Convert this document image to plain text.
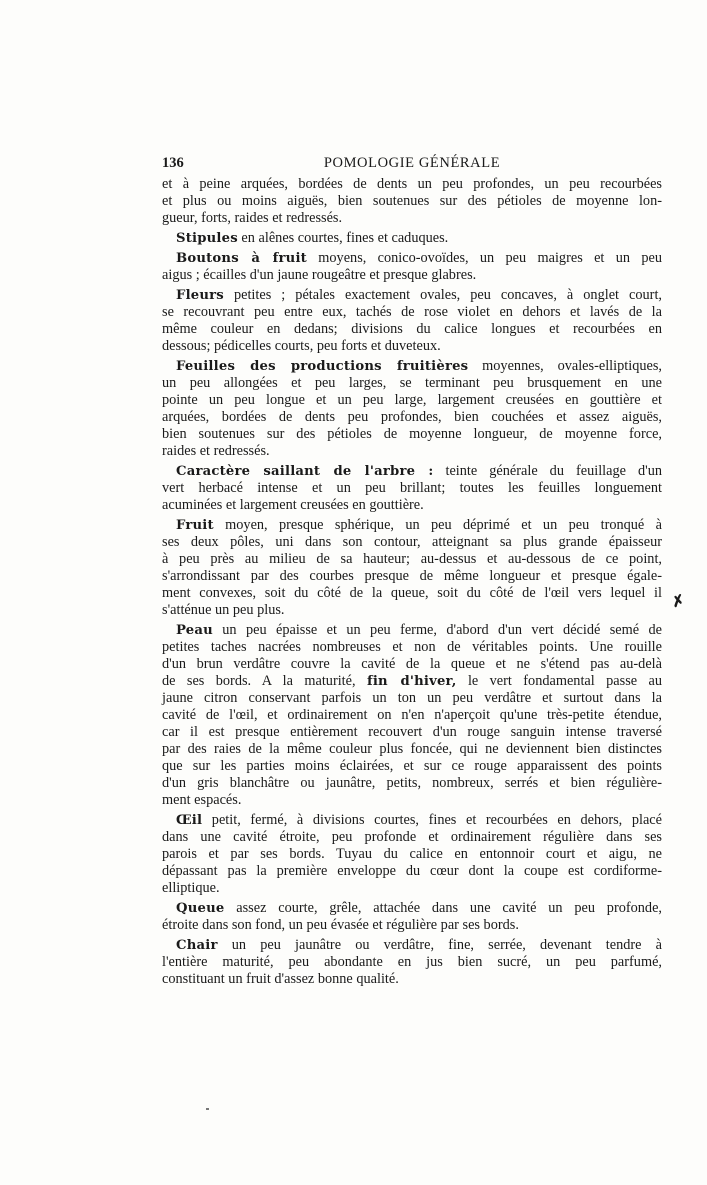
136	POMOLOGIE GÉNÉRALE
et à peine arquées, bordées de dents un peu profondes, un peu recourbées
et plus ou moins aiguës, bien soutenues sur des pétioles de moyenne lon-
gueur, forts, raides et redressés.
Stipules en alênes courtes, fines et caduques.
Boutons à fruit moyens, conico-ovoïdes, un peu maigres et un peu
aigus ; écailles d'un jaune rougeâtre et presque glabres.
Fleurs petites ; pétales exactement ovales, peu concaves, à onglet court,
se recouvrant peu entre eux, tachés de rose violet en dehors et lavés de la
même couleur en dedans; divisions du calice longues et recourbées en
dessous; pédicelles courts, peu forts et duveteux.
Feuilles des productions fruitières moyennes, ovales-elliptiques,
un peu allongées et peu larges, se terminant peu brusquement en une
pointe un peu longue et un peu large, largement creusées en gouttière et
arquées, bordées de dents peu profondes, bien couchées et assez aiguës,
bien soutenues sur des pétioles de moyenne longueur, de moyenne force,
raides et redressés.
Caractère saillant de l'arbre : teinte générale du feuillage d'un
vert herbacé intense et un peu brillant; toutes les feuilles longuement
acuminées et largement creusées en gouttière.
Fruit moyen, presque sphérique, un peu déprimé et un peu tronqué à
ses deux pôles, uni dans son contour, atteignant sa plus grande épaisseur
à peu près au milieu de sa hauteur; au-dessus et au-dessous de ce point,
s'arrondissant par des courbes presque de même longueur et presque égale-
ment convexes, soit du côté de la queue, soit du côté de l'œil vers lequel il
s'atténue un peu plus.
Peau un peu épaisse et un peu ferme, d'abord d'un vert décidé semé de
petites taches nacrées nombreuses et non de véritables points. Une rouille
d'un brun verdâtre couvre la cavité de la queue et ne s'étend pas au-delà
de ses bords. A la maturité, fin d'hiver, le vert fondamental passe au
jaune citron conservant parfois un ton un peu verdâtre et surtout dans la
cavité de l'œil, et ordinairement on n'en n'aperçoit qu'une très-petite étendue,
car il est presque entièrement recouvert d'un rouge sanguin intense traversé
par des raies de la même couleur plus foncée, qui ne deviennent bien distinctes
que sur les parties moins éclairées, et sur ce rouge apparaissent des points
d'un gris blanchâtre ou jaunâtre, petits, nombreux, serrés et bien régulière-
ment espacés.
Œil petit, fermé, à divisions courtes, fines et recourbées en dehors, placé
dans une cavité étroite, peu profonde et ordinairement régulière dans ses
parois et par ses bords. Tuyau du calice en entonnoir court et aigu, ne
dépassant pas la première enveloppe du cœur dont la coupe est cordiforme-
elliptique.
Queue assez courte, grêle, attachée dans une cavité un peu profonde,
étroite dans son fond, un peu évasée et régulière par ses bords.
Chair un peu jaunâtre ou verdâtre, fine, serrée, devenant tendre à
l'entière maturité, peu abondante en jus bien sucré, un peu parfumé,
constituant un fruit d'assez bonne qualité.
✗
